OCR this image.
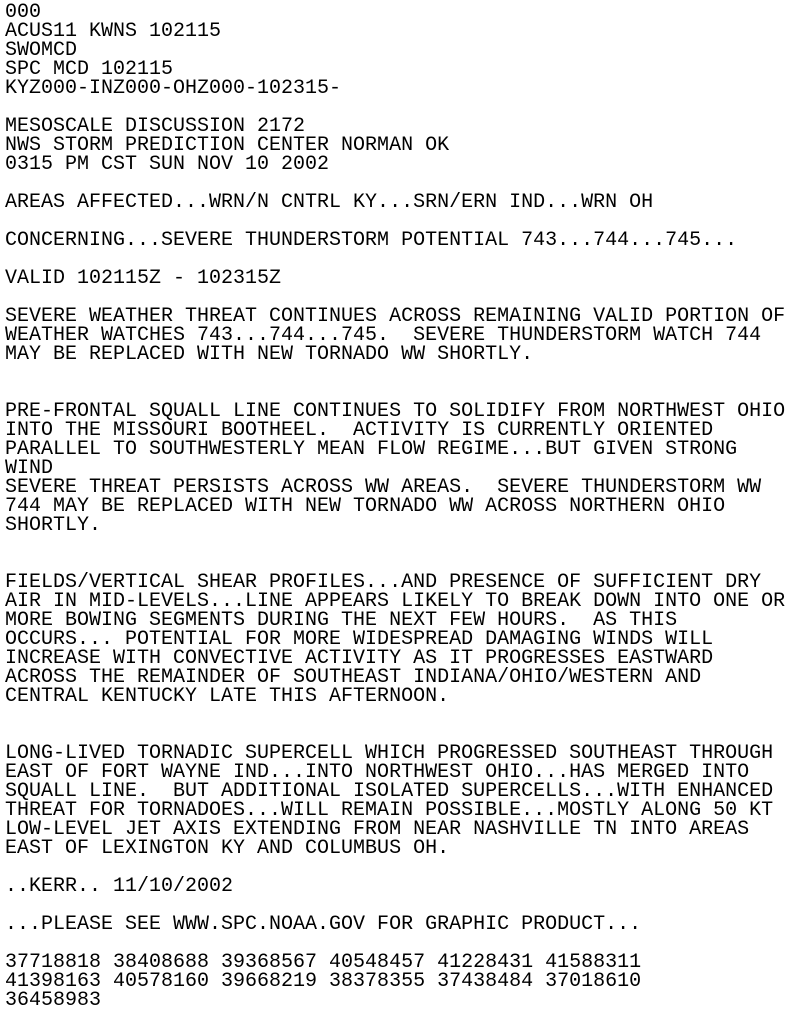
000
ACUS11 KWNS 102115
SWOMCD
SPC MCD 102115
KYZ000-INZ000-OHZ000-102315-

MESOSCALE DISCUSSION 2172
NWS STORM PREDICTION CENTER NORMAN OK
0315 PM CST SUN NOV 10 2002

AREAS AFFECTED...WRN/N CNTRL KY...SRN/ERN IND...WRN OH

CONCERNING...SEVERE THUNDERSTORM POTENTIAL 743...744...745...

VALID 102115Z - 102315Z

SEVERE WEATHER THREAT CONTINUES ACROSS REMAINING VALID PORTION OF
WEATHER WATCHES 743...744...745.  SEVERE THUNDERSTORM WATCH 744
MAY BE REPLACED WITH NEW TORNADO WW SHORTLY.

PRE-FRONTAL SQUALL LINE CONTINUES TO SOLIDIFY FROM NORTHWEST OHIO
INTO THE MISSOURI BOOTHEEL.  ACTIVITY IS CURRENTLY ORIENTED
PARALLEL TO SOUTHWESTERLY MEAN FLOW REGIME...BUT GIVEN STRONG
WIND
SEVERE THREAT PERSISTS ACROSS WW AREAS.  SEVERE THUNDERSTORM WW
744 MAY BE REPLACED WITH NEW TORNADO WW ACROSS NORTHERN OHIO
SHORTLY.

FIELDS/VERTICAL SHEAR PROFILES...AND PRESENCE OF SUFFICIENT DRY
AIR IN MID-LEVELS...LINE APPEARS LIKELY TO BREAK DOWN INTO ONE OR
MORE BOWING SEGMENTS DURING THE NEXT FEW HOURS.  AS THIS
OCCURS... POTENTIAL FOR MORE WIDESPREAD DAMAGING WINDS WILL
INCREASE WITH CONVECTIVE ACTIVITY AS IT PROGRESSES EASTWARD
ACROSS THE REMAINDER OF SOUTHEAST INDIANA/OHIO/WESTERN AND
CENTRAL KENTUCKY LATE THIS AFTERNOON.

LONG-LIVED TORNADIC SUPERCELL WHICH PROGRESSED SOUTHEAST THROUGH
EAST OF FORT WAYNE IND...INTO NORTHWEST OHIO...HAS MERGED INTO
SQUALL LINE.  BUT ADDITIONAL ISOLATED SUPERCELLS...WITH ENHANCED
THREAT FOR TORNADOES...WILL REMAIN POSSIBLE...MOSTLY ALONG 50 KT
LOW-LEVEL JET AXIS EXTENDING FROM NEAR NASHVILLE TN INTO AREAS
EAST OF LEXINGTON KY AND COLUMBUS OH.

..KERR.. 11/10/2002

...PLEASE SEE WWW.SPC.NOAA.GOV FOR GRAPHIC PRODUCT...

37718818 38408688 39368567 40548457 41228431 41588311
41398163 40578160 39668219 38378355 37438484 37018610
36458983
